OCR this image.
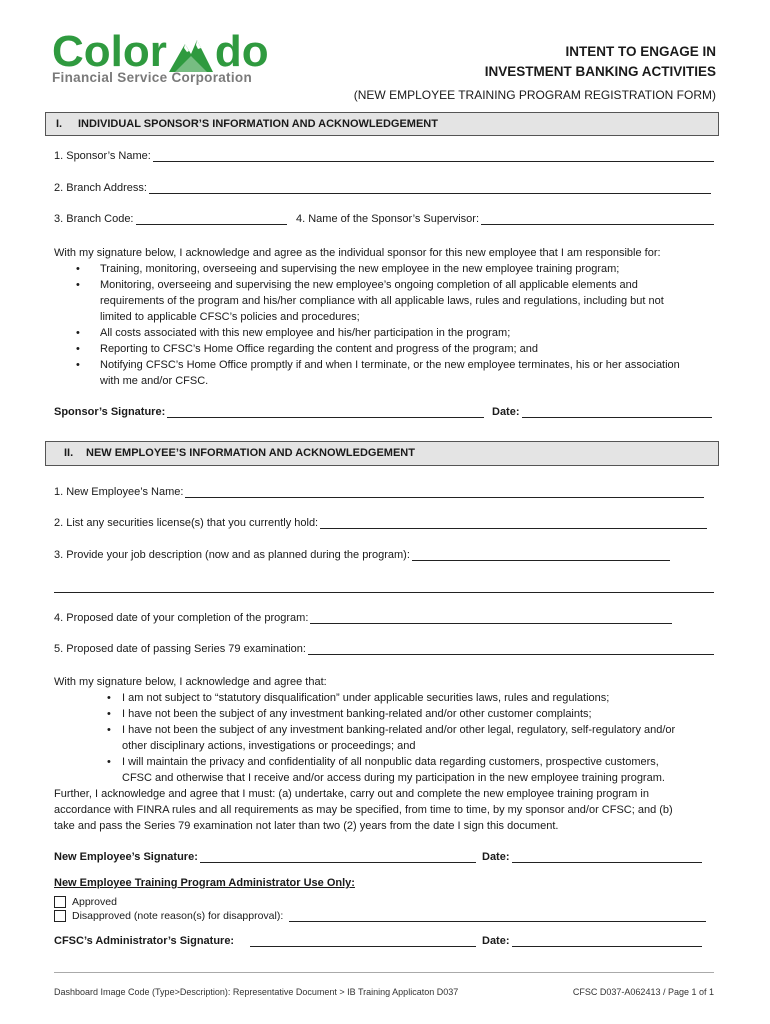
Color do
Financial Service Corporation
INTENT TO ENGAGE IN
INVESTMENT BANKING ACTIVITIES
(NEW EMPLOYEE TRAINING PROGRAM REGISTRATION FORM)
I. INDIVIDUAL SPONSOR’S INFORMATION AND ACKNOWLEDGEMENT
1. Sponsor’s Name:
2. Branch Address:
3. Branch Code:	4. Name of the Sponsor’s Supervisor:
With my signature below, I acknowledge and agree as the individual sponsor for this new employee that I am responsible for:
• Training, monitoring, overseeing and supervising the new employee in the new employee training program;
• Monitoring, overseeing and supervising the new employee’s ongoing completion of all applicable elements and
requirements of the program and his/her compliance with all applicable laws, rules and regulations, including but not
limited to applicable CFSC’s policies and procedures;
• All costs associated with this new employee and his/her participation in the program;
• Reporting to CFSC’s Home Office regarding the content and progress of the program; and
• Notifying CFSC’s Home Office promptly if and when I terminate, or the new employee terminates, his or her association
with me and/or CFSC.
Sponsor’s Signature:	Date:
II. NEW EMPLOYEE’S INFORMATION AND ACKNOWLEDGEMENT
1. New Employee’s Name:
2. List any securities license(s) that you currently hold:
3. Provide your job description (now and as planned during the program):
4. Proposed date of your completion of the program:
5. Proposed date of passing Series 79 examination:
With my signature below, I acknowledge and agree that:
• I am not subject to “statutory disqualification” under applicable securities laws, rules and regulations;
• I have not been the subject of any investment banking-related and/or other customer complaints;
• I have not been the subject of any investment banking-related and/or other legal, regulatory, self-regulatory and/or
other disciplinary actions, investigations or proceedings; and
• I will maintain the privacy and confidentiality of all nonpublic data regarding customers, prospective customers,
CFSC and otherwise that I receive and/or access during my participation in the new employee training program.
Further, I acknowledge and agree that I must: (a) undertake, carry out and complete the new employee training program in
accordance with FINRA rules and all requirements as may be specified, from time to time, by my sponsor and/or CFSC; and (b)
take and pass the Series 79 examination not later than two (2) years from the date I sign this document.
New Employee’s Signature:	Date:
New Employee Training Program Administrator Use Only:
Approved
Disapproved (note reason(s) for disapproval):
CFSC’s Administrator’s Signature:	Date:
Dashboard Image Code (Type>Description): Representative Document > IB Training Applicaton D037	CFSC D037-A062413 / Page 1 of 1
